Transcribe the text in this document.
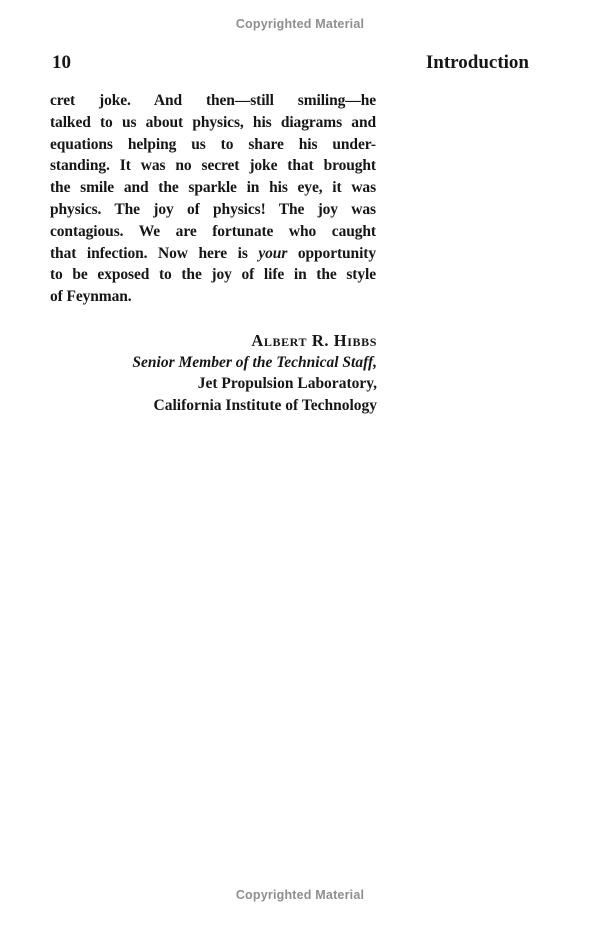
Copyrighted Material
10	Introduction
cret joke. And then—still smiling—he
talked to us about physics, his diagrams and
equations helping us to share his under-
standing. It was no secret joke that brought
the smile and the sparkle in his eye, it was
physics. The joy of physics! The joy was
contagious. We are fortunate who caught
that infection. Now here is your opportunity
to be exposed to the joy of life in the style
of Feynman.
Albert R. Hibbs
Senior Member of the Technical Staff,
Jet Propulsion Laboratory,
California Institute of Technology
Copyrighted Material
